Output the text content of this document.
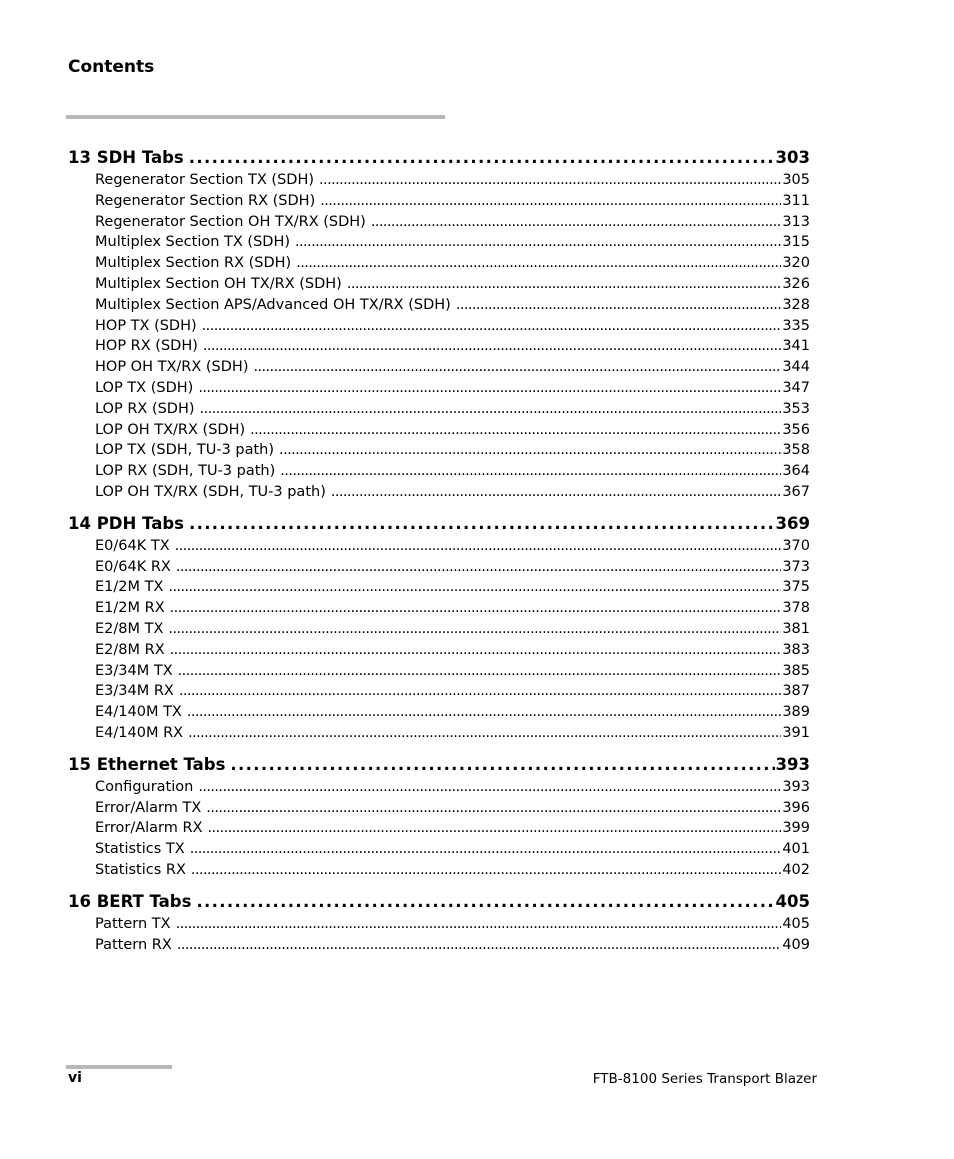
Contents
13 SDH Tabs . . .	303
Regenerator Section TX (SDH) . . .	305
Regenerator Section RX (SDH) . . .	311
Regenerator Section OH TX/RX (SDH) . . .	313
Multiplex Section TX (SDH) . . .	315
Multiplex Section RX (SDH) . . .	320
Multiplex Section OH TX/RX (SDH) . . .	326
Multiplex Section APS/Advanced OH TX/RX (SDH) . . .	328
HOP TX (SDH) . . .	335
HOP RX (SDH) . . .	341
HOP OH TX/RX (SDH) . . .	344
LOP TX (SDH) . . .	347
LOP RX (SDH) . . .	353
LOP OH TX/RX (SDH) . . .	356
LOP TX (SDH, TU-3 path) . . .	358
LOP RX (SDH, TU-3 path) . . .	364
LOP OH TX/RX (SDH, TU-3 path) . . .	367
14 PDH Tabs . . .	369
E0/64K TX . . .	370
E0/64K RX . . .	373
E1/2M TX . . .	375
E1/2M RX . . .	378
E2/8M TX . . .	381
E2/8M RX . . .	383
E3/34M TX . . .	385
E3/34M RX . . .	387
E4/140M TX . . .	389
E4/140M RX . . .	391
15 Ethernet Tabs . . .	393
Configuration . . .	393
Error/Alarm TX . . .	396
Error/Alarm RX . . .	399
Statistics TX . . .	401
Statistics RX . . .	402
16 BERT Tabs . . .	405
Pattern TX . . .	405
Pattern RX . . .	409
vi	FTB-8100 Series Transport Blazer
